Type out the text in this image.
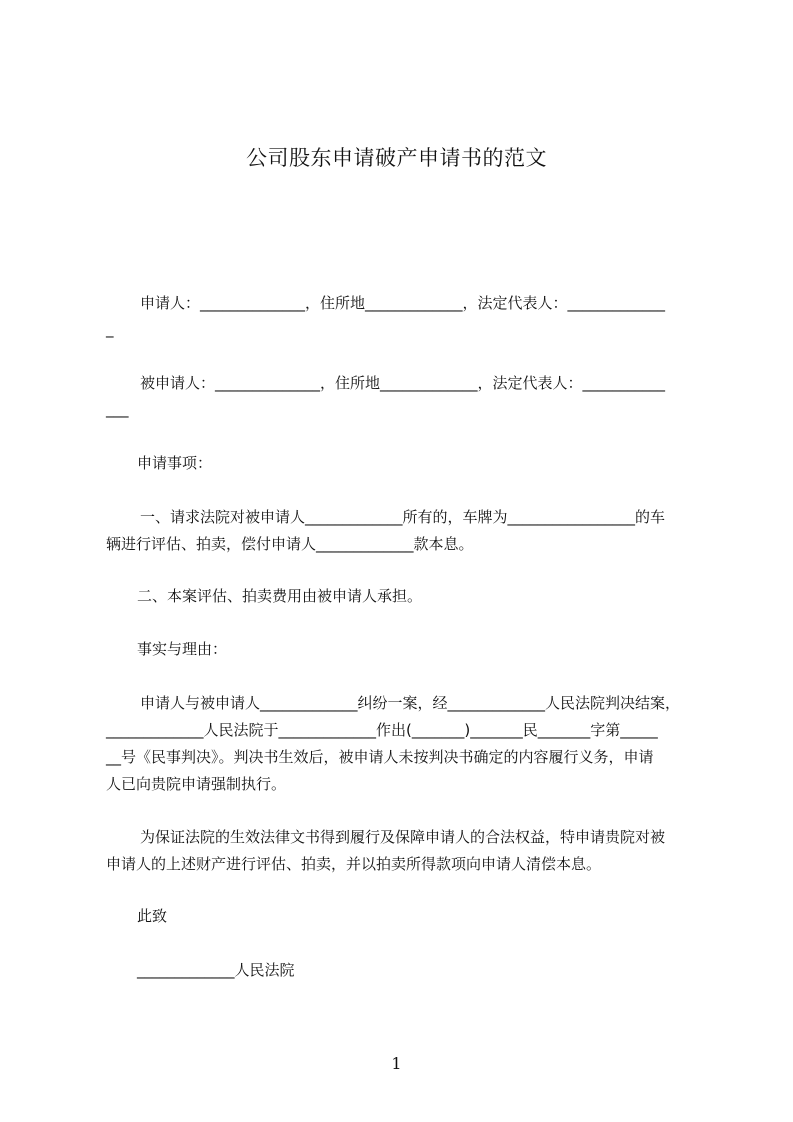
公司股东申请破产申请书的范文
申请人：______________，住所地_____________，法定代表人：_____________
_
被申请人：______________，住所地_____________，法定代表人：___________
___
申请事项：
一、请求法院对被申请人_____________所有的，车牌为_________________的车
辆进行评估、拍卖，偿付申请人_____________款本息。
二、本案评估、拍卖费用由被申请人承担。
事实与理由：
申请人与被申请人_____________纠纷一案，经_____________人民法院判决结案，
_____________人民法院于_____________作出(_______)_______民_______字第_____
__号《民事判决》。判决书生效后，被申请人未按判决书确定的内容履行义务，申请
人已向贵院申请强制执行。
为保证法院的生效法律文书得到履行及保障申请人的合法权益，特申请贵院对被
申请人的上述财产进行评估、拍卖，并以拍卖所得款项向申请人清偿本息。
此致
_____________人民法院
1
